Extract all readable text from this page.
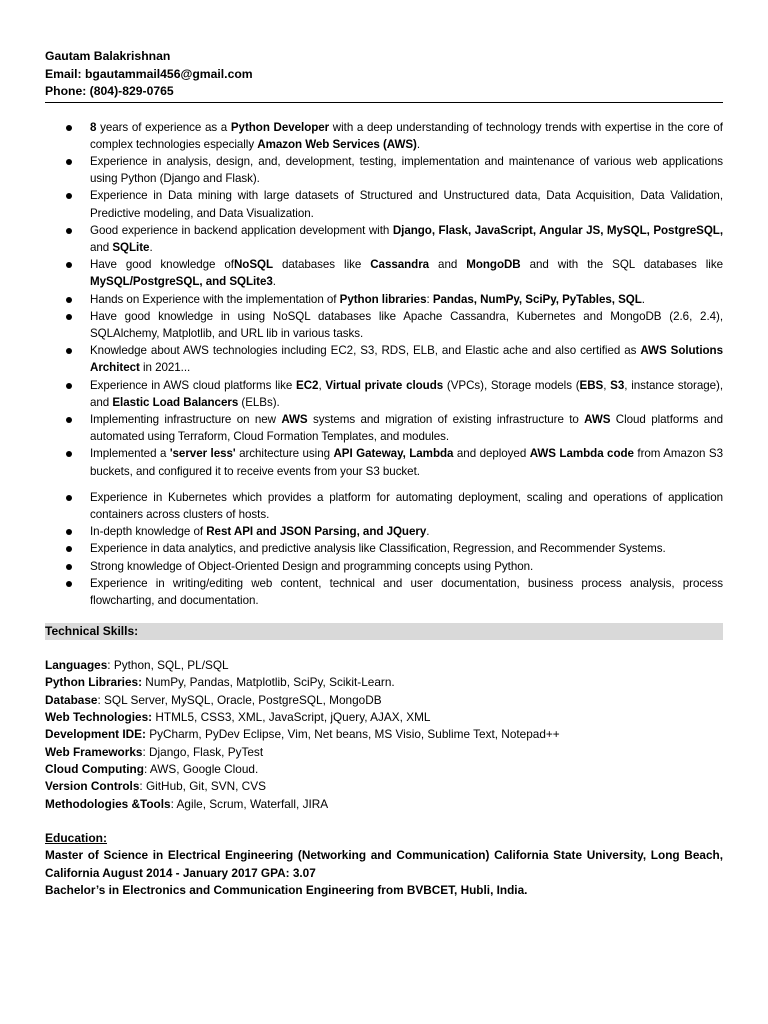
Gautam Balakrishnan
Email: bgautammail456@gmail.com
Phone: (804)-829-0765
8 years of experience as a Python Developer with a deep understanding of technology trends with expertise in the core of complex technologies especially Amazon Web Services (AWS).
Experience in analysis, design, and, development, testing, implementation and maintenance of various web applications using Python (Django and Flask).
Experience in Data mining with large datasets of Structured and Unstructured data, Data Acquisition, Data Validation, Predictive modeling, and Data Visualization.
Good experience in backend application development with Django, Flask, JavaScript, Angular JS, MySQL, PostgreSQL, and SQLite.
Have good knowledge ofNoSQL databases like Cassandra and MongoDB and with the SQL databases like MySQL/PostgreSQL, and SQLite3.
Hands on Experience with the implementation of Python libraries: Pandas, NumPy, SciPy, PyTables, SQL.
Have good knowledge in using NoSQL databases like Apache Cassandra, Kubernetes and MongoDB (2.6, 2.4), SQLAlchemy, Matplotlib, and URL lib in various tasks.
Knowledge about AWS technologies including EC2, S3, RDS, ELB, and Elastic ache and also certified as AWS Solutions Architect in 2021...
Experience in AWS cloud platforms like EC2, Virtual private clouds (VPCs), Storage models (EBS, S3, instance storage), and Elastic Load Balancers (ELBs).
Implementing infrastructure on new AWS systems and migration of existing infrastructure to AWS Cloud platforms and automated using Terraform, Cloud Formation Templates, and modules.
Implemented a 'server less' architecture using API Gateway, Lambda and deployed AWS Lambda code from Amazon S3 buckets, and configured it to receive events from your S3 bucket.
Experience in Kubernetes which provides a platform for automating deployment, scaling and operations of application containers across clusters of hosts.
In-depth knowledge of Rest API and JSON Parsing, and JQuery.
Experience in data analytics, and predictive analysis like Classification, Regression, and Recommender Systems.
Strong knowledge of Object-Oriented Design and programming concepts using Python.
Experience in writing/editing web content, technical and user documentation, business process analysis, process flowcharting, and documentation.
Technical Skills:
Languages: Python, SQL, PL/SQL
Python Libraries: NumPy, Pandas, Matplotlib, SciPy, Scikit-Learn.
Database: SQL Server, MySQL, Oracle, PostgreSQL, MongoDB
Web Technologies: HTML5, CSS3, XML, JavaScript, jQuery, AJAX, XML
Development IDE: PyCharm, PyDev Eclipse, Vim, Net beans, MS Visio, Sublime Text, Notepad++
Web Frameworks: Django, Flask, PyTest
Cloud Computing: AWS, Google Cloud.
Version Controls: GitHub, Git, SVN, CVS
Methodologies &Tools: Agile, Scrum, Waterfall, JIRA
Education:
Master of Science in Electrical Engineering (Networking and Communication) California State University, Long Beach, California August 2014 - January 2017 GPA: 3.07
Bachelor’s in Electronics and Communication Engineering from BVBCET, Hubli, India.
